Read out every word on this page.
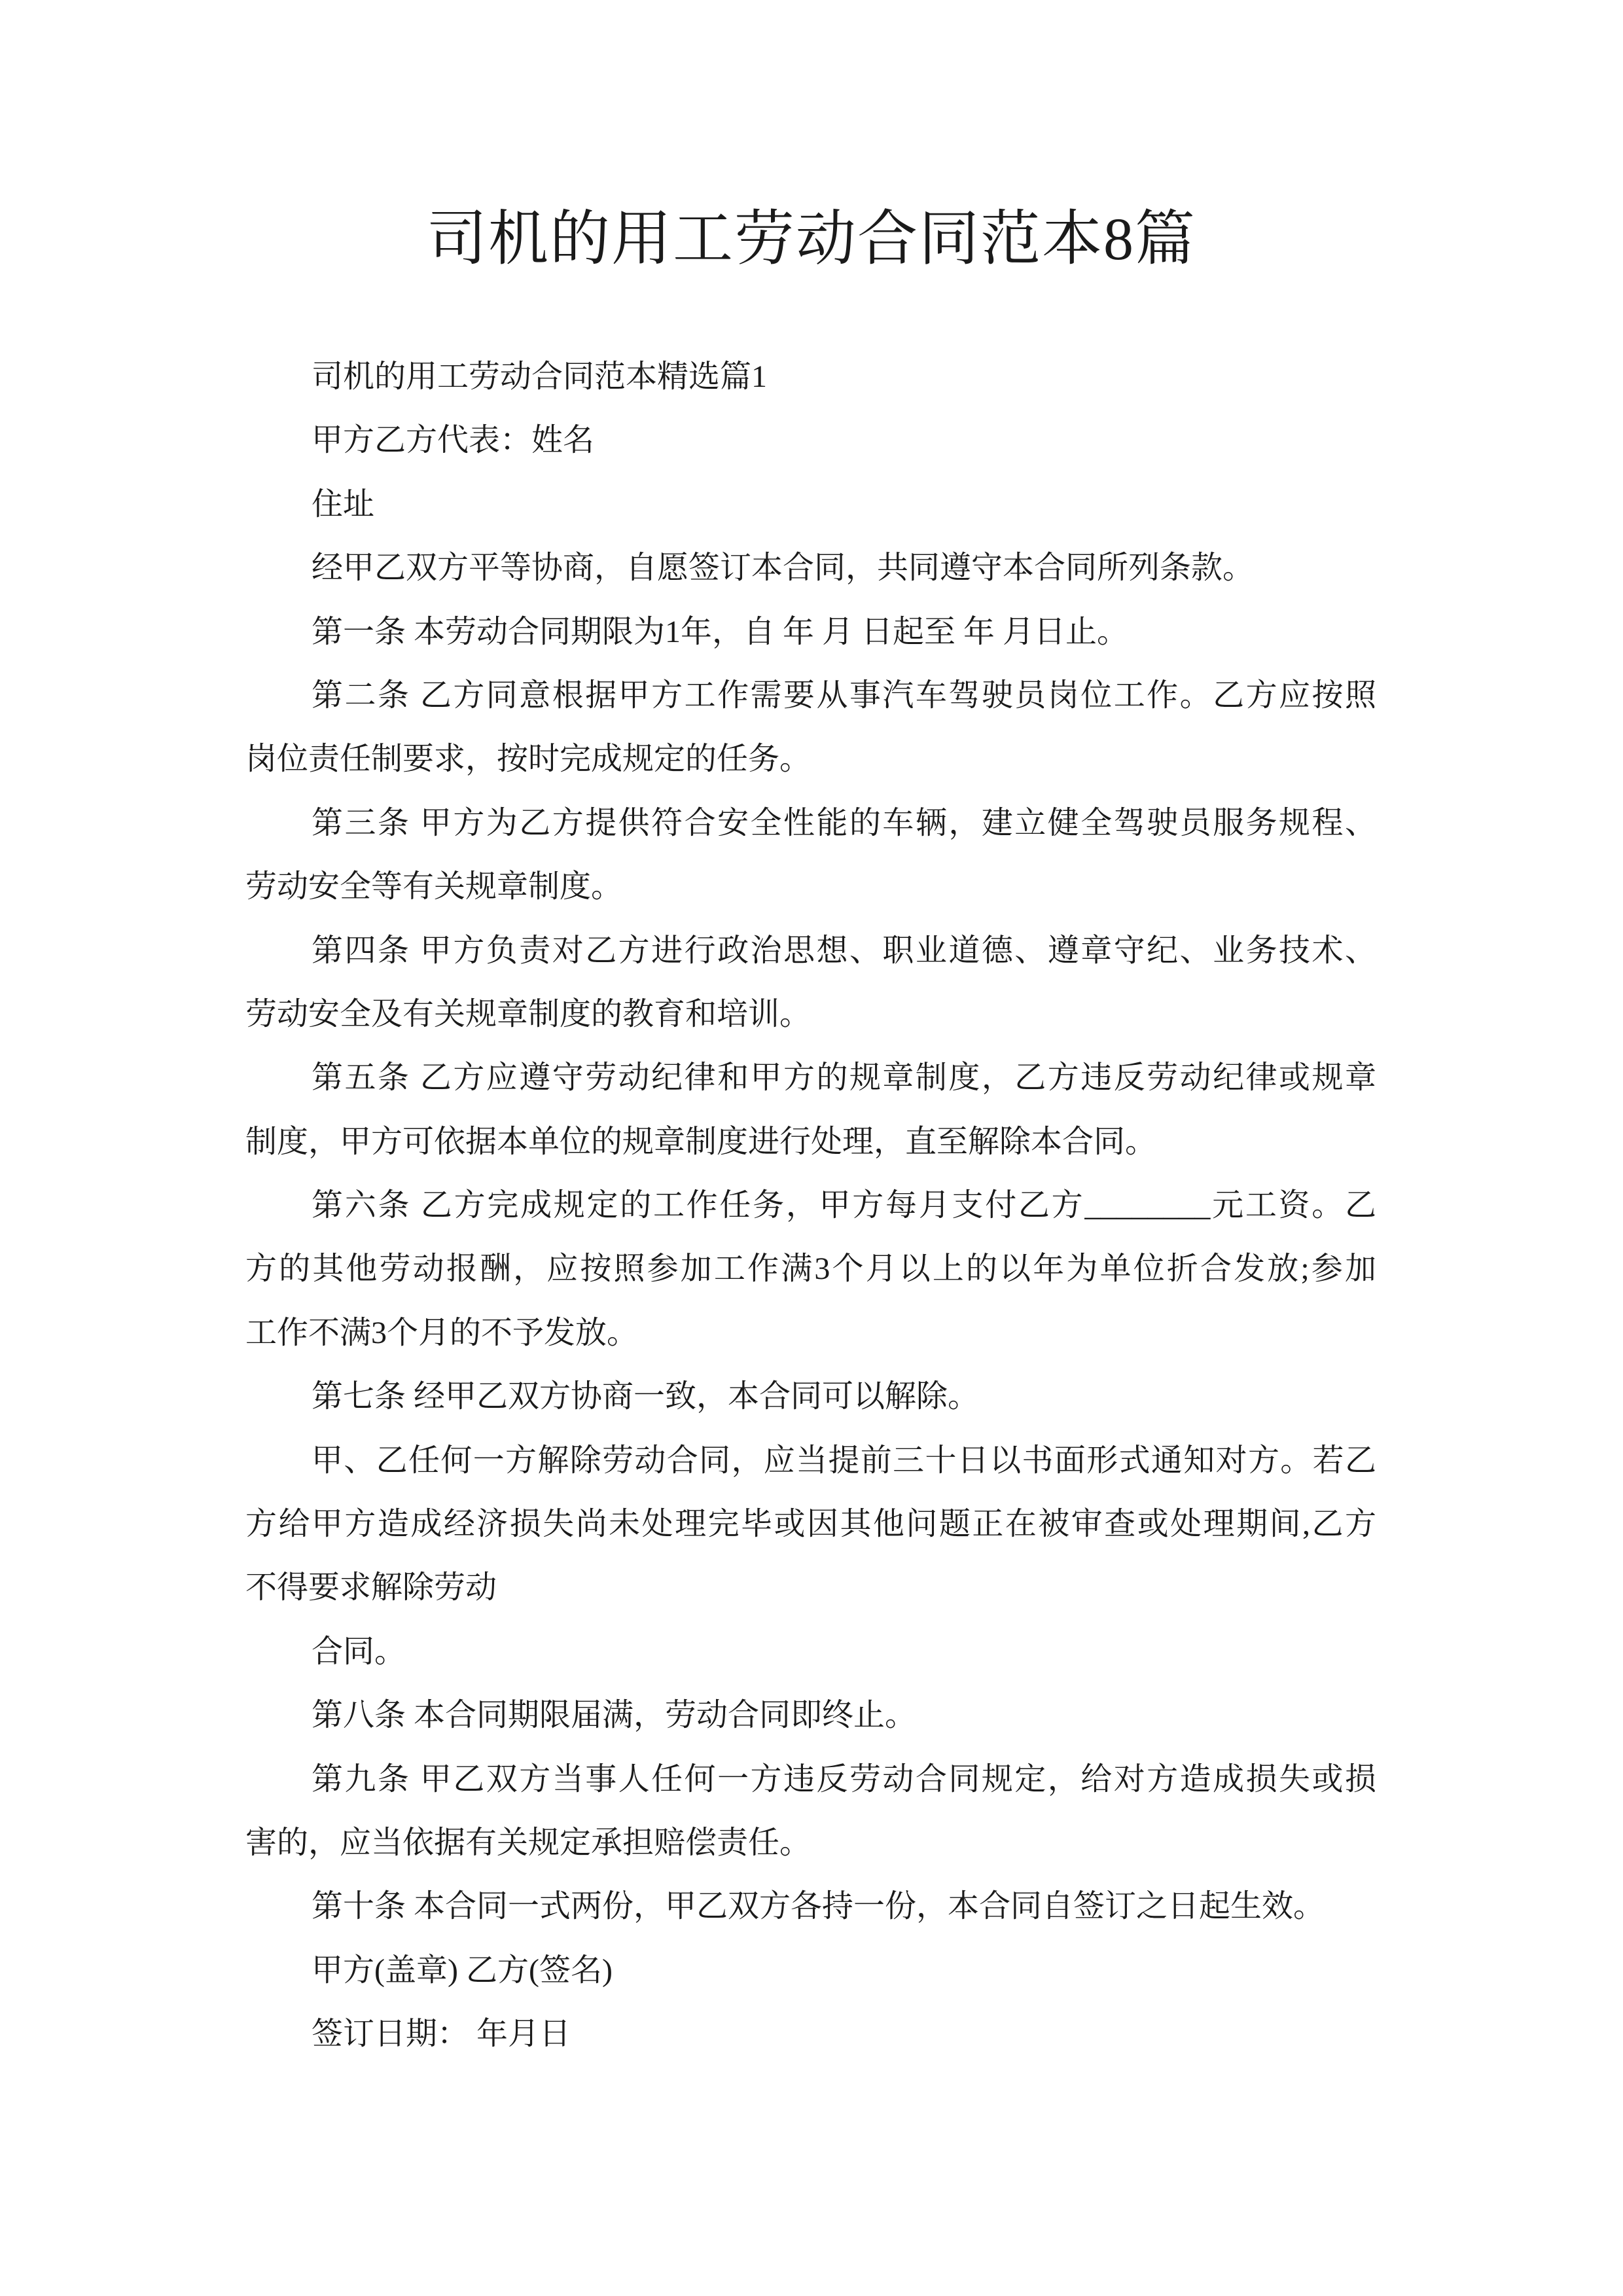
司机的用工劳动合同范本8篇
司机的用工劳动合同范本精选篇1
甲方乙方代表：姓名
住址
经甲乙双方平等协商，自愿签订本合同，共同遵守本合同所列条款。
第一条 本劳动合同期限为1年，自 年 月 日起至 年 月日止。
第二条 乙方同意根据甲方工作需要从事汽车驾驶员岗位工作。乙方应按照
岗位责任制要求，按时完成规定的任务。
第三条 甲方为乙方提供符合安全性能的车辆，建立健全驾驶员服务规程、
劳动安全等有关规章制度。
第四条 甲方负责对乙方进行政治思想、职业道德、遵章守纪、业务技术、
劳动安全及有关规章制度的教育和培训。
第五条 乙方应遵守劳动纪律和甲方的规章制度，乙方违反劳动纪律或规章
制度，甲方可依据本单位的规章制度进行处理，直至解除本合同。
第六条 乙方完成规定的工作任务，甲方每月支付乙方________元工资。乙
方的其他劳动报酬，应按照参加工作满3个月以上的以年为单位折合发放;参加
工作不满3个月的不予发放。
第七条 经甲乙双方协商一致，本合同可以解除。
甲、乙任何一方解除劳动合同，应当提前三十日以书面形式通知对方。若乙
方给甲方造成经济损失尚未处理完毕或因其他问题正在被审查或处理期间,乙方
不得要求解除劳动
合同。
第八条 本合同期限届满，劳动合同即终止。
第九条 甲乙双方当事人任何一方违反劳动合同规定，给对方造成损失或损
害的，应当依据有关规定承担赔偿责任。
第十条 本合同一式两份，甲乙双方各持一份，本合同自签订之日起生效。
甲方(盖章) 乙方(签名)
签订日期： 年月日
